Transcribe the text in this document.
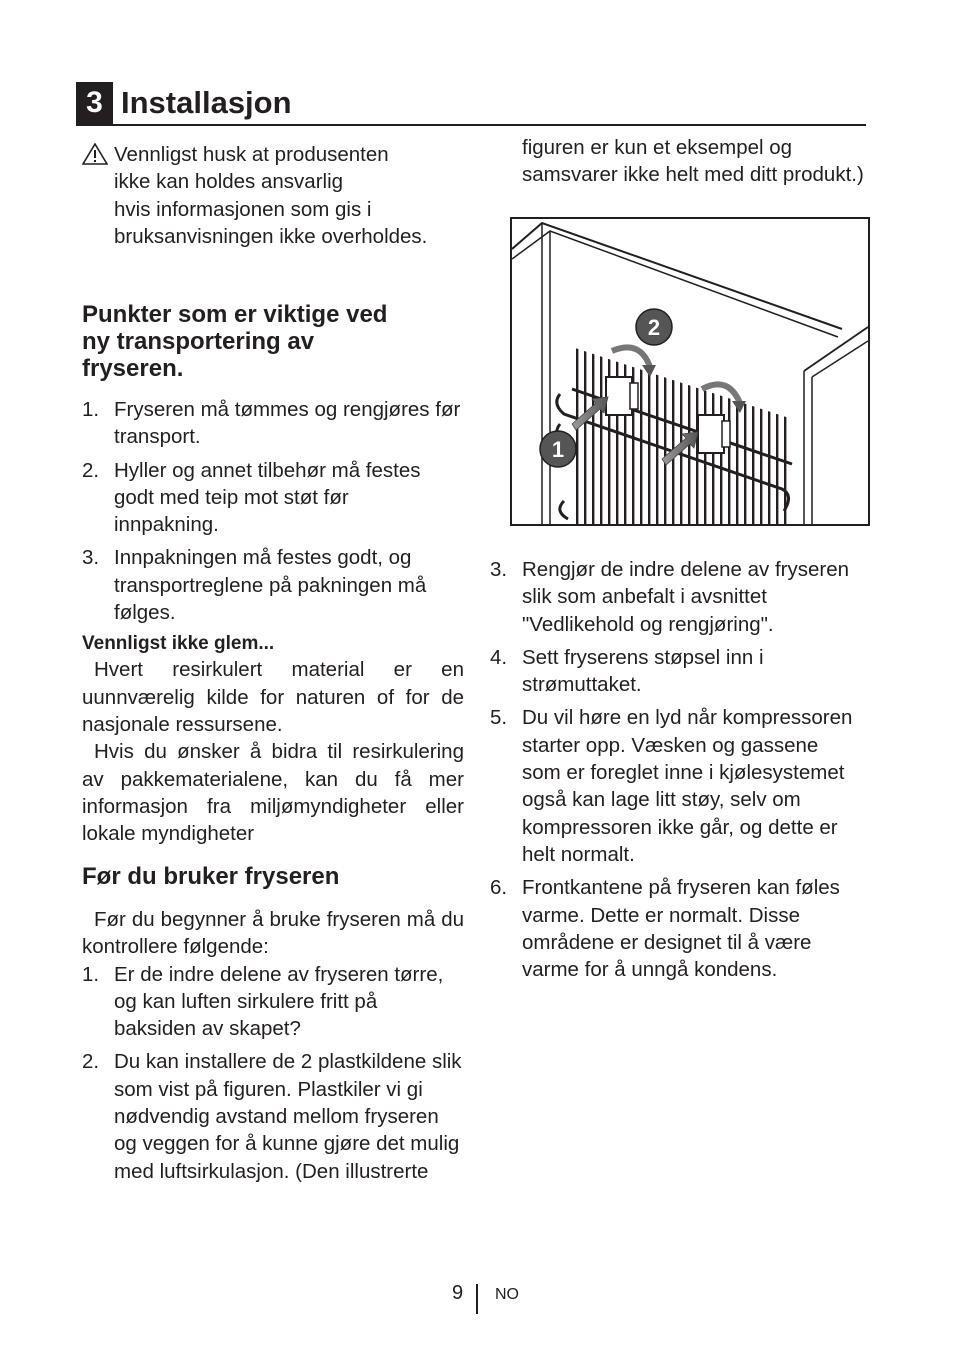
3 Installasjon
Vennligst husk at produsenten
ikke kan holdes ansvarlig
hvis informasjonen som gis i
bruksanvisningen ikke overholdes.
Punkter som er viktige ved ny transportering av fryseren.
1. Fryseren må tømmes og rengjøres før transport.
2. Hyller og annet tilbehør må festes godt med teip mot støt før innpakning.
3. Innpakningen må festes godt, og transportreglene på pakningen må følges.
Vennligst ikke glem...

Hvert resirkulert material er en uunnværelig kilde for naturen of for de nasjonale ressursene.

Hvis du ønsker å bidra til resirkulering av pakkematerialene, kan du få mer informasjon fra miljømyndigheter eller lokale myndigheter

Før du bruker fryseren

Før du begynner å bruke fryseren må du kontrollere følgende:

1. Er de indre delene av fryseren tørre, og kan luften sirkulere fritt på baksiden av skapet?
2. Du kan installere de 2 plastkildene slik som vist på figuren. Plastkiler vi gi nødvendig avstand mellom fryseren og veggen for å kunne gjøre det mulig med luftsirkulasjon. (Den illustrerte
figuren er kun et eksempel og samsvarer ikke helt med ditt produkt.)
2
1
3. Rengjør de indre delene av fryseren slik som anbefalt i avsnittet "Vedlikehold og rengjøring".
4. Sett fryserens støpsel inn i strømuttaket.
5. Du vil høre en lyd når kompressoren starter opp. Væsken og gassene som er foreglet inne i kjølesystemet også kan lage litt støy, selv om kompressoren ikke går, og dette er helt normalt.
6. Frontkantene på fryseren kan føles varme. Dette er normalt. Disse områdene er designet til å være varme for å unngå kondens.
9 NO
